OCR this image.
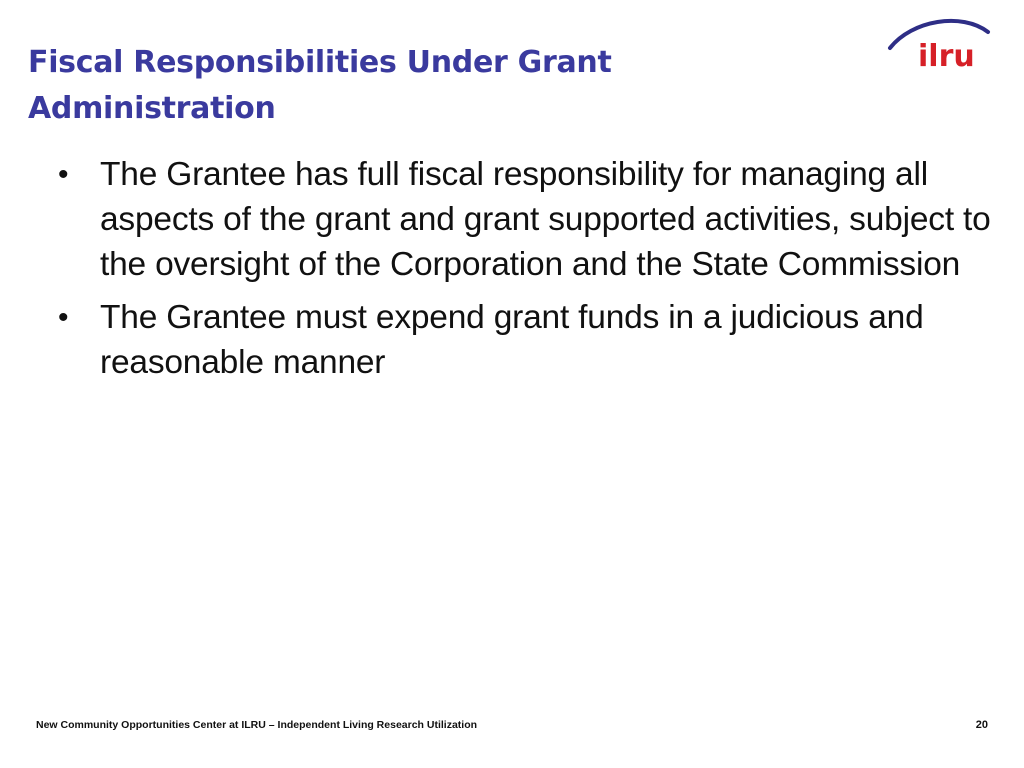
Fiscal Responsibilities Under Grant Administration
ilru
• The Grantee has full fiscal responsibility for managing all aspects of the grant and grant supported activities, subject to the oversight of the Corporation and the State Commission
• The Grantee must expend grant funds in a judicious and reasonable manner
New Community Opportunities Center at ILRU – Independent Living Research Utilization	20
